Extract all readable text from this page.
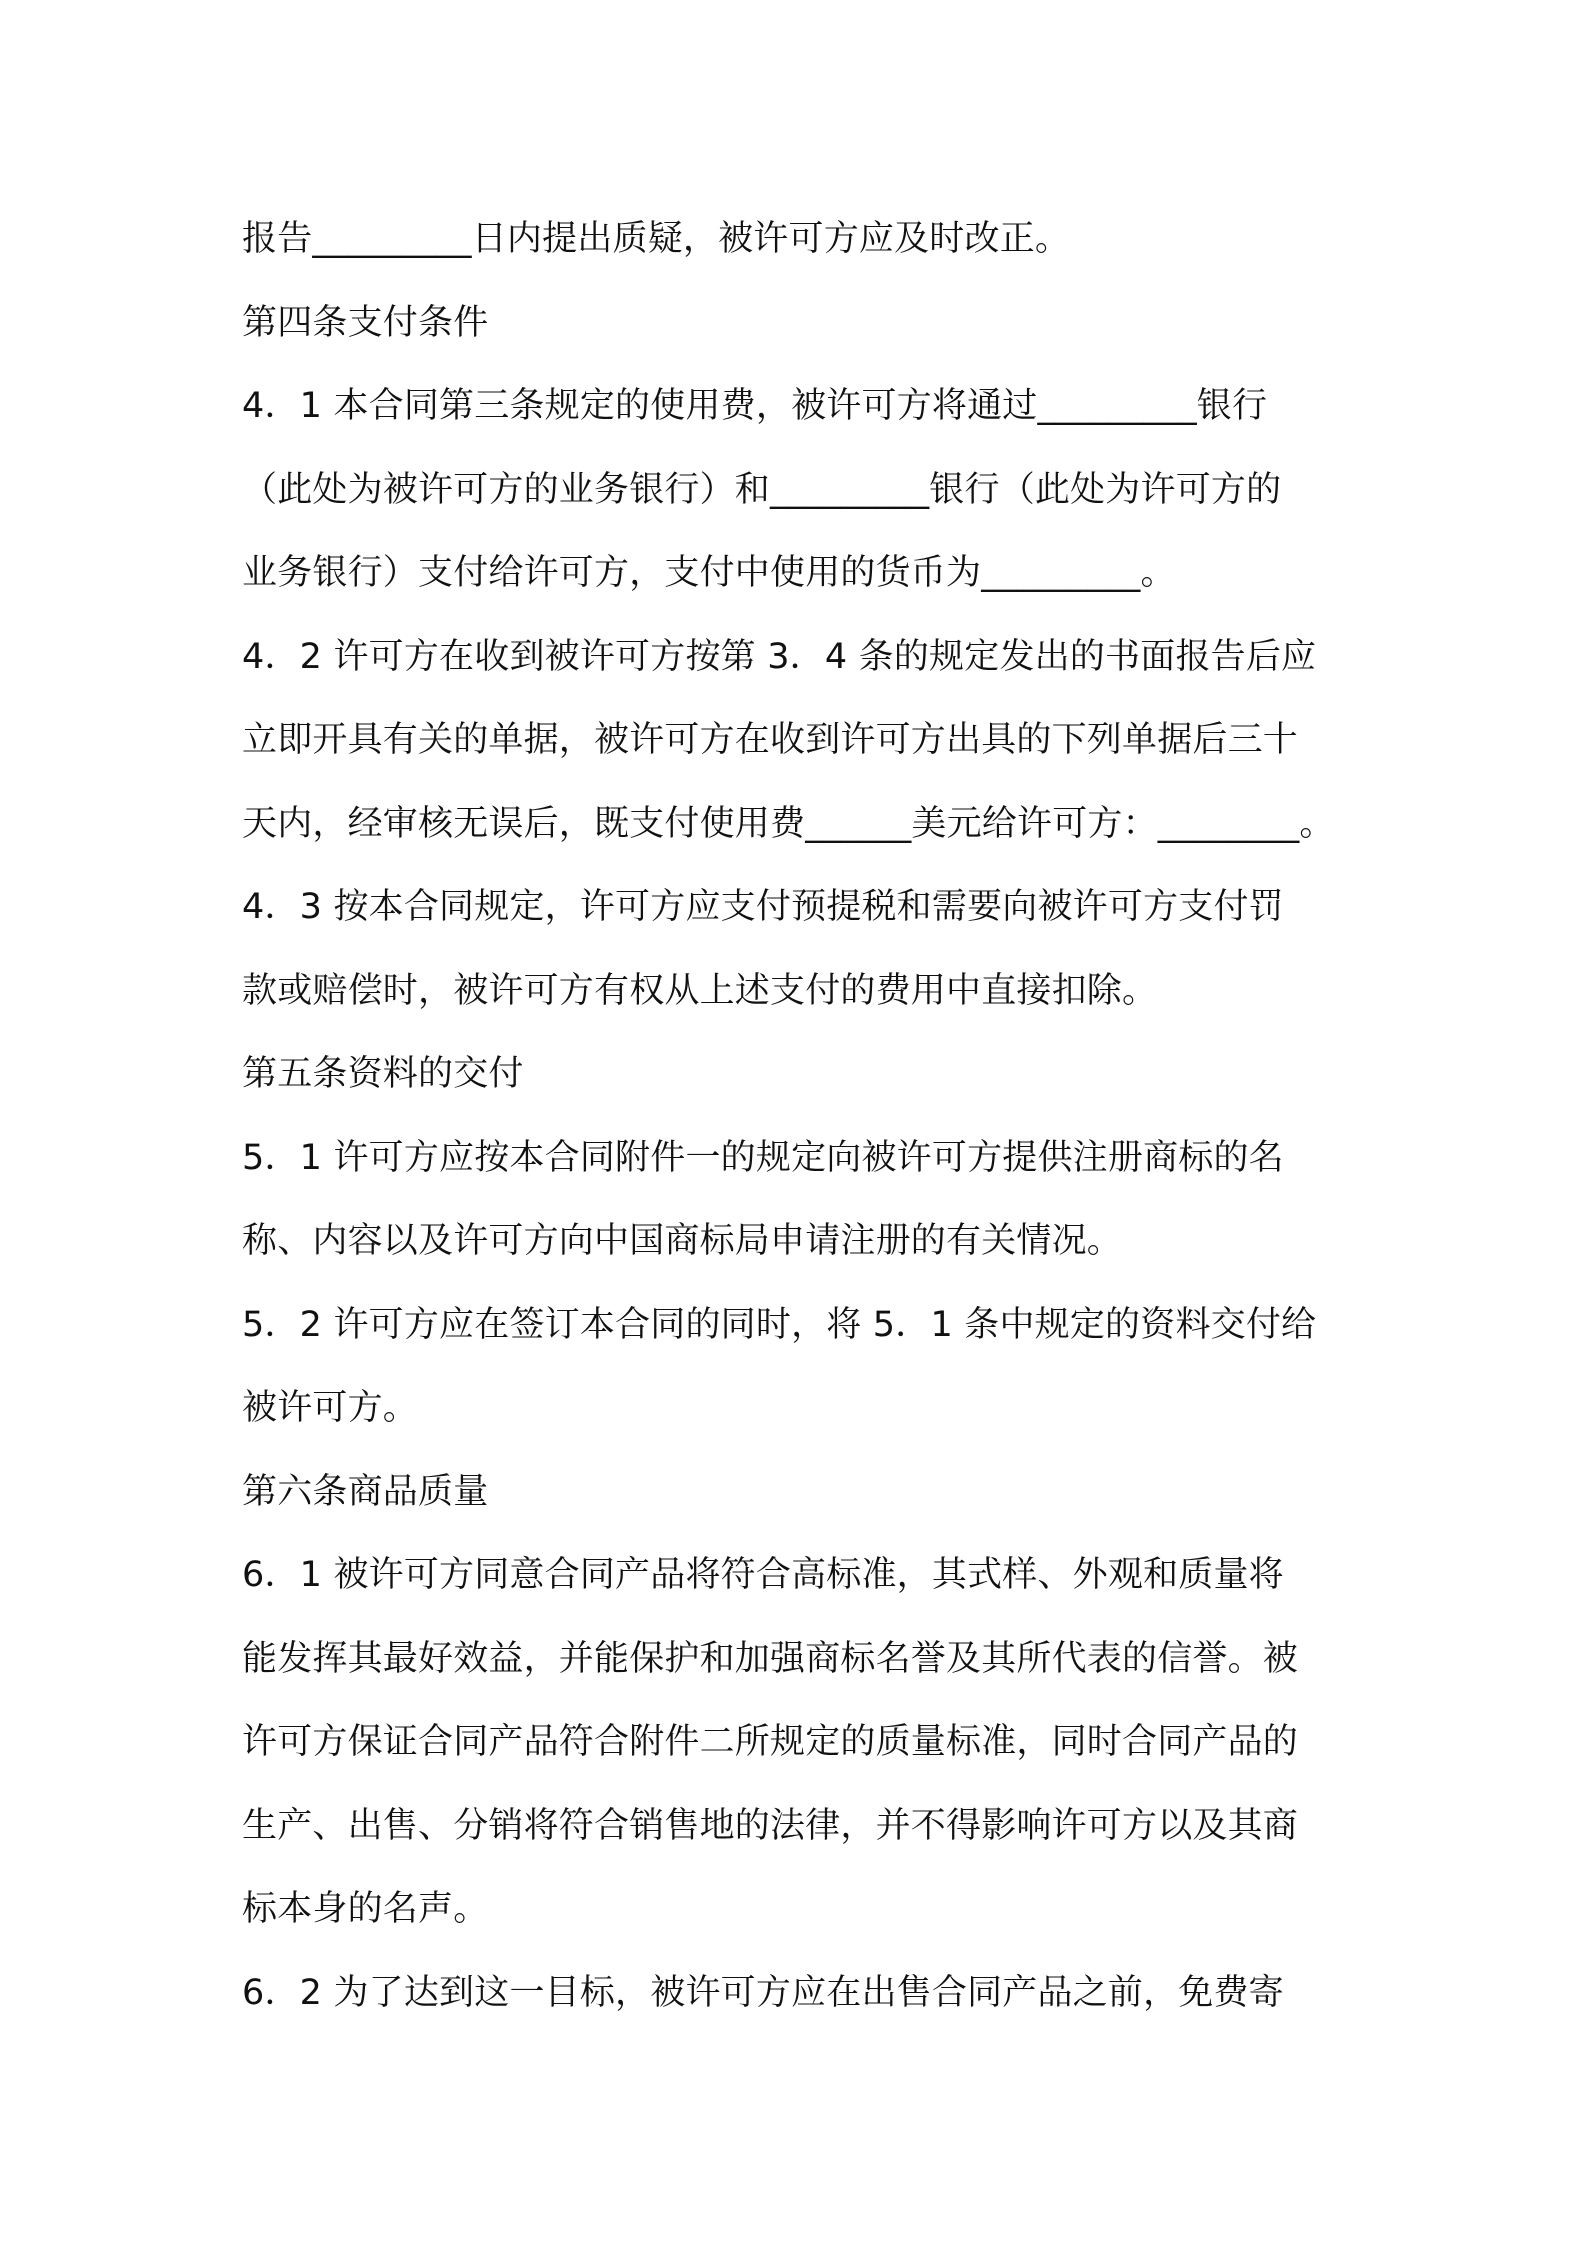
报告_________日内提出质疑，被许可方应及时改正。
第四条支付条件
4．1 本合同第三条规定的使用费，被许可方将通过_________银行
（此处为被许可方的业务银行）和_________银行（此处为许可方的
业务银行）支付给许可方，支付中使用的货币为_________。
4．2 许可方在收到被许可方按第 3．4 条的规定发出的书面报告后应
立即开具有关的单据，被许可方在收到许可方出具的下列单据后三十
天内，经审核无误后，既支付使用费______美元给许可方：________。
4．3 按本合同规定，许可方应支付预提税和需要向被许可方支付罚
款或赔偿时，被许可方有权从上述支付的费用中直接扣除。
第五条资料的交付
5．1 许可方应按本合同附件一的规定向被许可方提供注册商标的名
称、内容以及许可方向中国商标局申请注册的有关情况。
5．2 许可方应在签订本合同的同时，将 5．1 条中规定的资料交付给
被许可方。
第六条商品质量
6．1 被许可方同意合同产品将符合高标准，其式样、外观和质量将
能发挥其最好效益，并能保护和加强商标名誉及其所代表的信誉。被
许可方保证合同产品符合附件二所规定的质量标准，同时合同产品的
生产、出售、分销将符合销售地的法律，并不得影响许可方以及其商
标本身的名声。
6．2 为了达到这一目标，被许可方应在出售合同产品之前，免费寄
